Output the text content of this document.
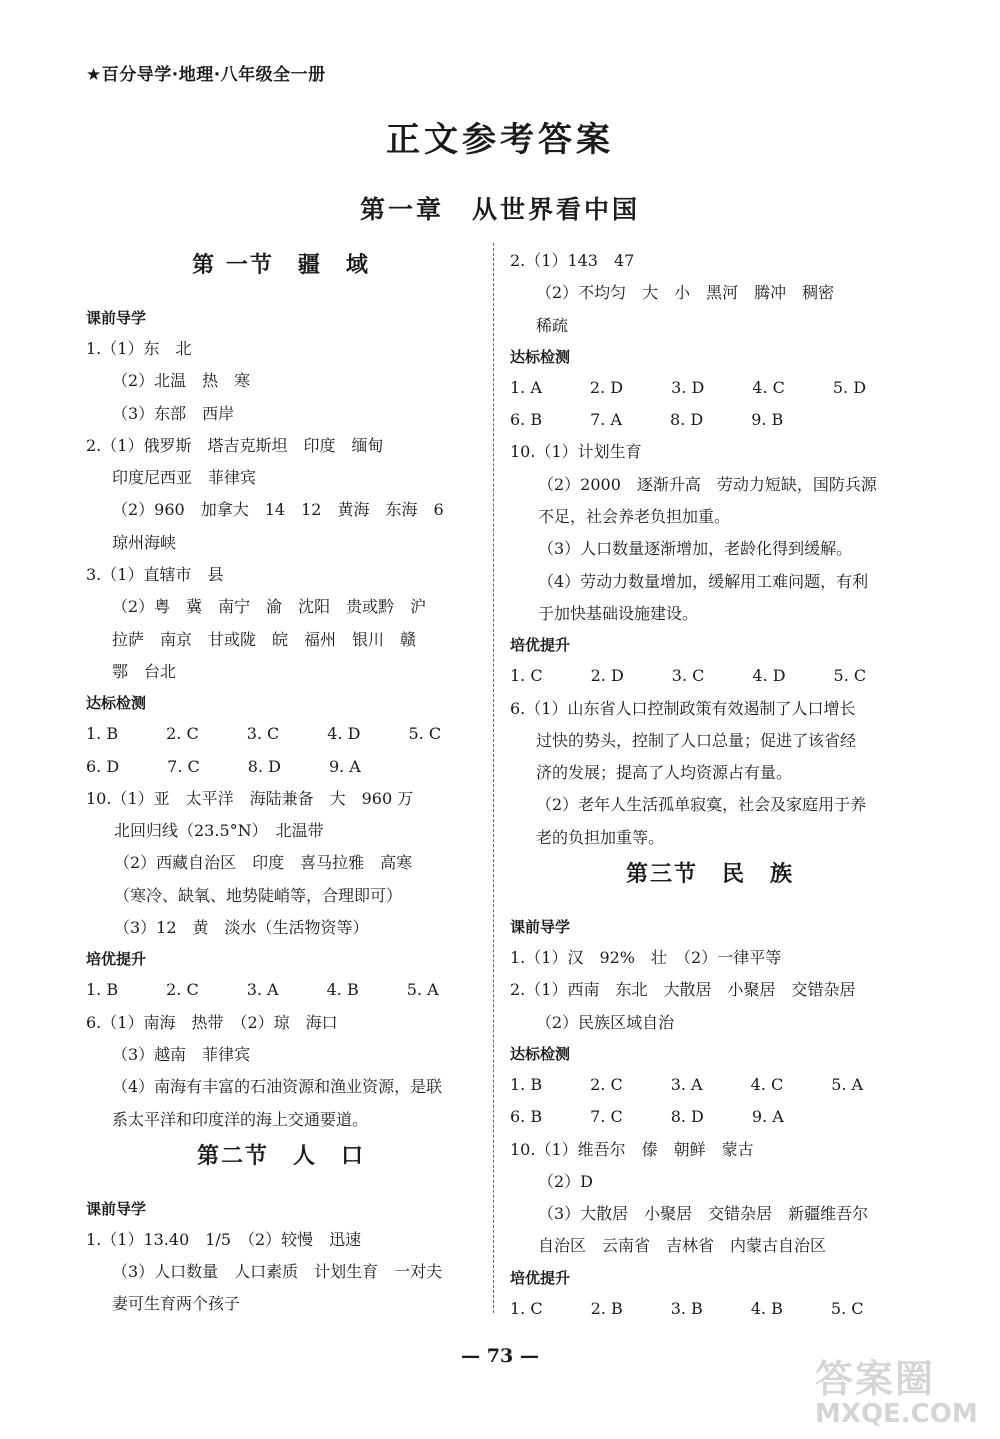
★百分导学·地理·八年级全一册
正文参考答案
第一章　从世界看中国
第 一节　疆　域
课前导学
1.（1）东　北
（2）北温　热　寒
（3）东部　西岸
2.（1）俄罗斯　塔吉克斯坦　印度　缅甸
印度尼西亚　菲律宾
（2）960　加拿大　14　12　黄海　东海　6
琼州海峡
3.（1）直辖市　县
（2）粤　冀　南宁　渝　沈阳　贵或黔　沪
拉萨　南京　甘或陇　皖　福州　银川　赣
鄂　台北
达标检测
1. B　　　2. C　　　3. C　　　4. D　　　5. C
6. D　　　7. C　　　8. D　　　9. A
10.（1）亚　太平洋　海陆兼备　大　960 万
北回归线（23.5°N）　北温带
（2）西藏自治区　印度　喜马拉雅　高寒
（寒冷、缺氧、地势陡峭等，合理即可）
（3）12　黄　淡水（生活物资等）
培优提升
1. B　　　2. C　　　3. A　　　4. B　　　5. A
6.（1）南海　热带　（2）琼　海口
（3）越南　菲律宾
（4）南海有丰富的石油资源和渔业资源，是联
系太平洋和印度洋的海上交通要道。
第二节　人　口
课前导学
1.（1）13.40　1/5　（2）较慢　迅速
（3）人口数量　人口素质　计划生育　一对夫
妻可生育两个孩子
2.（1）143　47
（2）不均匀　大　小　黑河　腾冲　稠密
稀疏
达标检测
1. A　　　2. D　　　3. D　　　4. C　　　5. D
6. B　　　7. A　　　8. D　　　9. B
10.（1）计划生育
（2）2000　逐渐升高　劳动力短缺，国防兵源
不足，社会养老负担加重。
（3）人口数量逐渐增加，老龄化得到缓解。
（4）劳动力数量增加，缓解用工难问题，有利
于加快基础设施建设。
培优提升
1. C　　　2. D　　　3. C　　　4. D　　　5. C
6.（1）山东省人口控制政策有效遏制了人口增长
过快的势头，控制了人口总量；促进了该省经
济的发展；提高了人均资源占有量。
（2）老年人生活孤单寂寞，社会及家庭用于养
老的负担加重等。
第三节　民　族
课前导学
1.（1）汉　92%　壮　（2）一律平等
2.（1）西南　东北　大散居　小聚居　交错杂居
（2）民族区域自治
达标检测
1. B　　　2. C　　　3. A　　　4. C　　　5. A
6. B　　　7. C　　　8. D　　　9. A
10.（1）维吾尔　傣　朝鲜　蒙古
（2）D
（3）大散居　小聚居　交错杂居　新疆维吾尔
自治区　云南省　吉林省　内蒙古自治区
培优提升
1. C　　　2. B　　　3. B　　　4. B　　　5. C
— 73 —
答案圈
MXQE.COM
